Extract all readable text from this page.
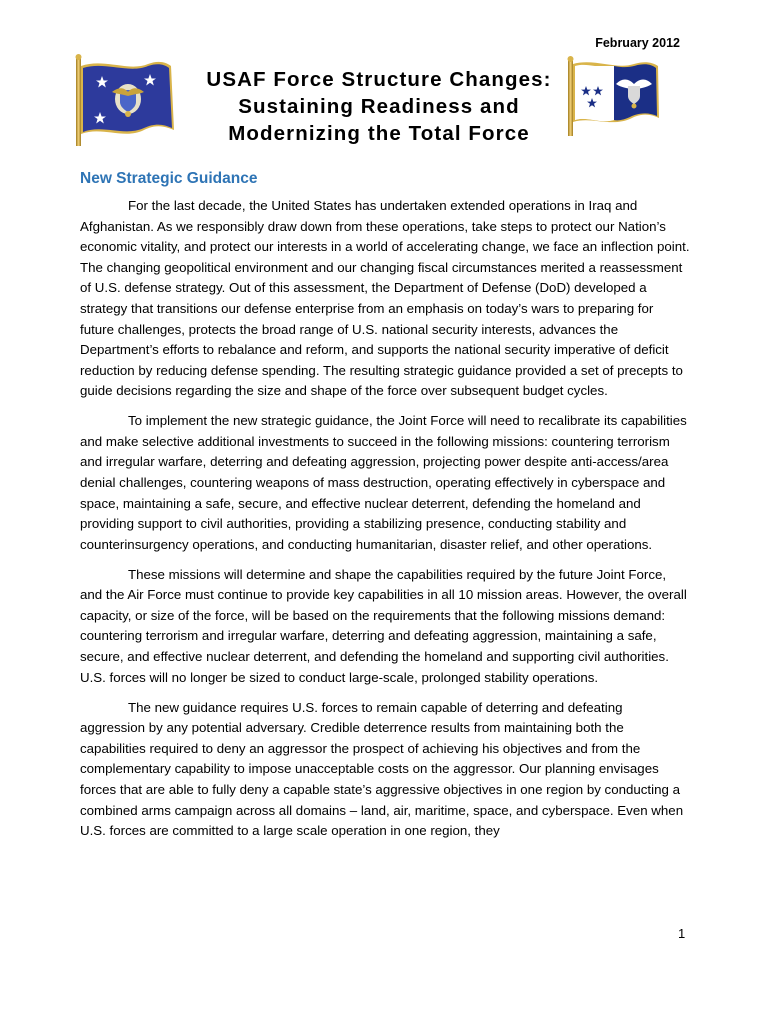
February 2012
USAF Force Structure Changes:
Sustaining Readiness and
Modernizing the Total Force
New Strategic Guidance

For the last decade, the United States has undertaken extended operations in Iraq and Afghanistan. As we responsibly draw down from these operations, take steps to protect our Nation’s economic vitality, and protect our interests in a world of accelerating change, we face an inflection point. The changing geopolitical environment and our changing fiscal circumstances merited a reassessment of U.S. defense strategy. Out of this assessment, the Department of Defense (DoD) developed a strategy that transitions our defense enterprise from an emphasis on today’s wars to preparing for future challenges, protects the broad range of U.S. national security interests, advances the Department’s efforts to rebalance and reform, and supports the national security imperative of deficit reduction by reducing defense spending. The resulting strategic guidance provided a set of precepts to guide decisions regarding the size and shape of the force over subsequent budget cycles.

To implement the new strategic guidance, the Joint Force will need to recalibrate its capabilities and make selective additional investments to succeed in the following missions: countering terrorism and irregular warfare, deterring and defeating aggression, projecting power despite anti-access/area denial challenges, countering weapons of mass destruction, operating effectively in cyberspace and space, maintaining a safe, secure, and effective nuclear deterrent, defending the homeland and providing support to civil authorities, providing a stabilizing presence, conducting stability and counterinsurgency operations, and conducting humanitarian, disaster relief, and other operations.

These missions will determine and shape the capabilities required by the future Joint Force, and the Air Force must continue to provide key capabilities in all 10 mission areas. However, the overall capacity, or size of the force, will be based on the requirements that the following missions demand: countering terrorism and irregular warfare, deterring and defeating aggression, maintaining a safe, secure, and effective nuclear deterrent, and defending the homeland and supporting civil authorities. U.S. forces will no longer be sized to conduct large-scale, prolonged stability operations.

The new guidance requires U.S. forces to remain capable of deterring and defeating aggression by any potential adversary. Credible deterrence results from maintaining both the capabilities required to deny an aggressor the prospect of achieving his objectives and from the complementary capability to impose unacceptable costs on the aggressor. Our planning envisages forces that are able to fully deny a capable state’s aggressive objectives in one region by conducting a combined arms campaign across all domains – land, air, maritime, space, and cyberspace. Even when U.S. forces are committed to a large scale operation in one region, they

1
